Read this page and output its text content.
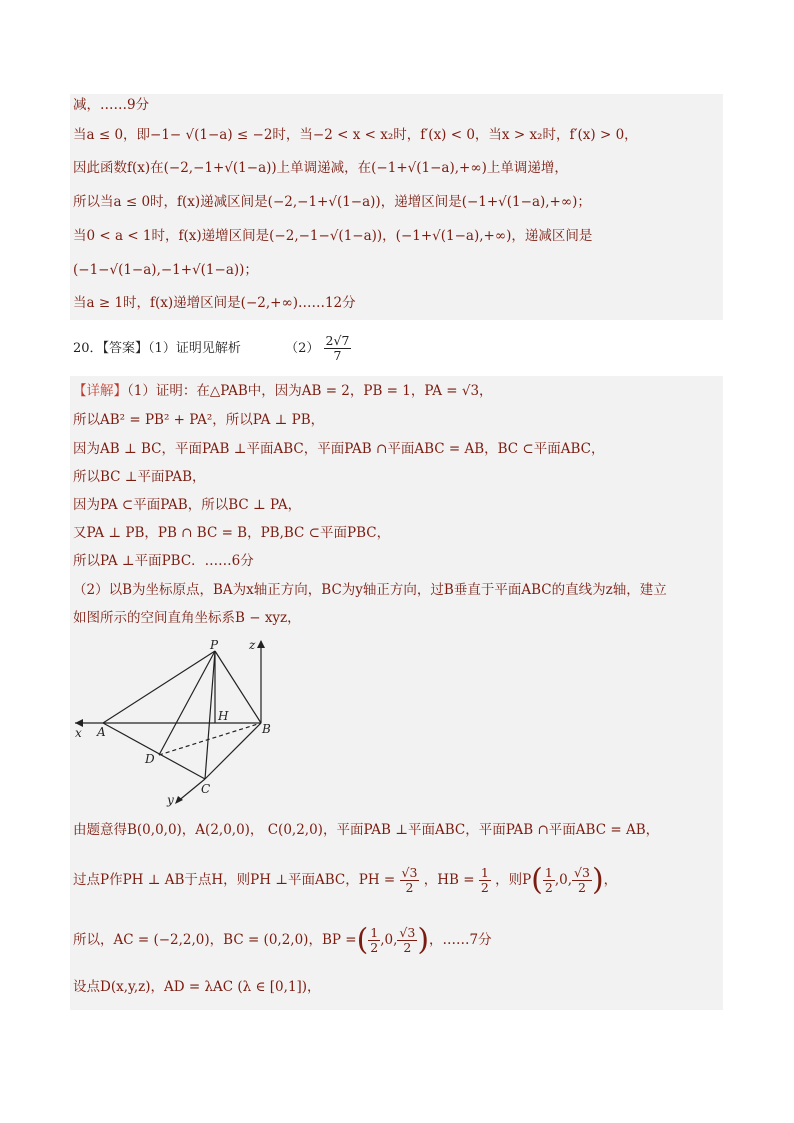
减，……9分
当a ≤ 0，即−1− √(1−a) ≤ −2时，当−2 < x < x₂时，f′(x) < 0，当x > x₂时，f′(x) > 0，
因此函数f(x)在(−2,−1+√(1−a))上单调递减，在(−1+√(1−a),+∞)上单调递增，
所以当a ≤ 0时，f(x)递减区间是(−2,−1+√(1−a))，递增区间是(−1+√(1−a),+∞)；
当0 < a < 1时，f(x)递增区间是(−2,−1−√(1−a))，(−1+√(1−a),+∞)，递减区间是
(−1−√(1−a),−1+√(1−a))；
当a ≥ 1时，f(x)递增区间是(−2,+∞)……12分
20．【答案】（1）证明见解析	$(2) \frac{2√7}{7}$
【详解】（1）证明：在△PAB中，因为AB = 2，PB = 1，PA = √3，
所以AB² = PB² + PA²，所以PA ⊥ PB，
因为AB ⊥ BC，平面PAB ⊥平面ABC，平面PAB ∩平面ABC = AB，BC ⊂平面ABC，
所以BC ⊥平面PAB，
因为PA ⊂平面PAB，所以BC ⊥ PA，
又PA ⊥ PB，PB ∩ BC = B，PB,BC ⊂平面PBC，
所以PA ⊥平面PBC．……6分
（2）以B为坐标原点，BA为x轴正方向，BC为y轴正方向，过B垂直于平面ABC的直线为z轴，建立
如图所示的空间直角坐标系B − xyz，
P
H
B
A
D
C
x
y
z
由题意得B(0,0,0)，A(2,0,0)， C(0,2,0)，平面PAB ⊥平面ABC，平面PAB ∩平面ABC = AB，
过点P作PH ⊥ AB于点H，则PH ⊥平面ABC，PH = $\frac{√3}{2}$ ，HB = $\frac{1}{2}$ ，则$P( \frac{1}{2} ,0$, $\frac{√3}{2}$ )，
所以，AC = (−2,2,0)，BC = (0,2,0)，BP =( $\frac{1}{2} ,0$, $\frac{√3}{2}$ )，……7分
设点D(x,y,z)，AD = λAC (λ ∈ [0,1])，
